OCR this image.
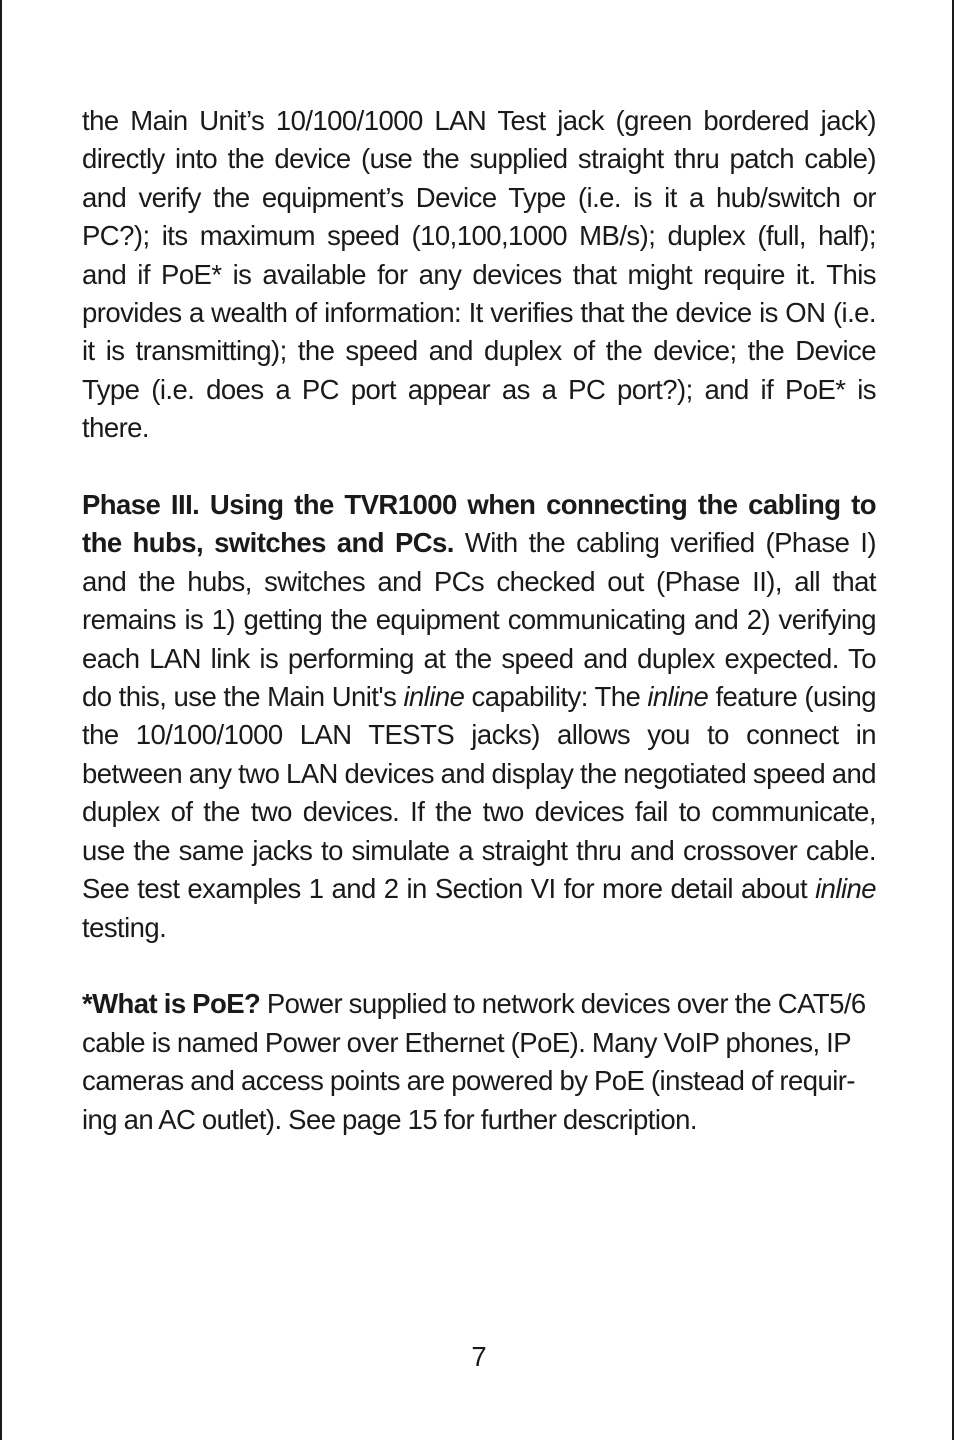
the Main Unit’s 10/100/1000 LAN Test jack (green bordered jack) directly into the device (use the supplied straight thru patch cable) and verify the equipment’s Device Type (i.e. is it a hub/switch or PC?); its maximum speed (10,100,1000 MB/s); duplex (full, half); and if PoE* is available for any devices that might require it. This provides a wealth of information: It verifies that the device is ON (i.e. it is transmitting); the speed and duplex of the device; the Device Type (i.e. does a PC port appear as a PC port?); and if PoE* is there.

Phase III. Using the TVR1000 when connecting the cabling to the hubs, switches and PCs. With the cabling verified (Phase I) and the hubs, switches and PCs checked out (Phase II), all that remains is 1) getting the equipment communicating and 2) verifying each LAN link is performing at the speed and duplex expected. To do this, use the Main Unit's inline capability: The inline feature (using the 10/100/1000 LAN TESTS jacks) allows you to connect in between any two LAN devices and display the negotiated speed and duplex of the two devices. If the two devices fail to communicate, use the same jacks to simulate a straight thru and crossover cable. See test examples 1 and 2 in Section VI for more detail about inline testing.

*What is PoE? Power supplied to network devices over the CAT5/6 cable is named Power over Ethernet (PoE). Many VoIP phones, IP cameras and access points are powered by PoE (instead of requir-ing an AC outlet). See page 15 for further description.

7
